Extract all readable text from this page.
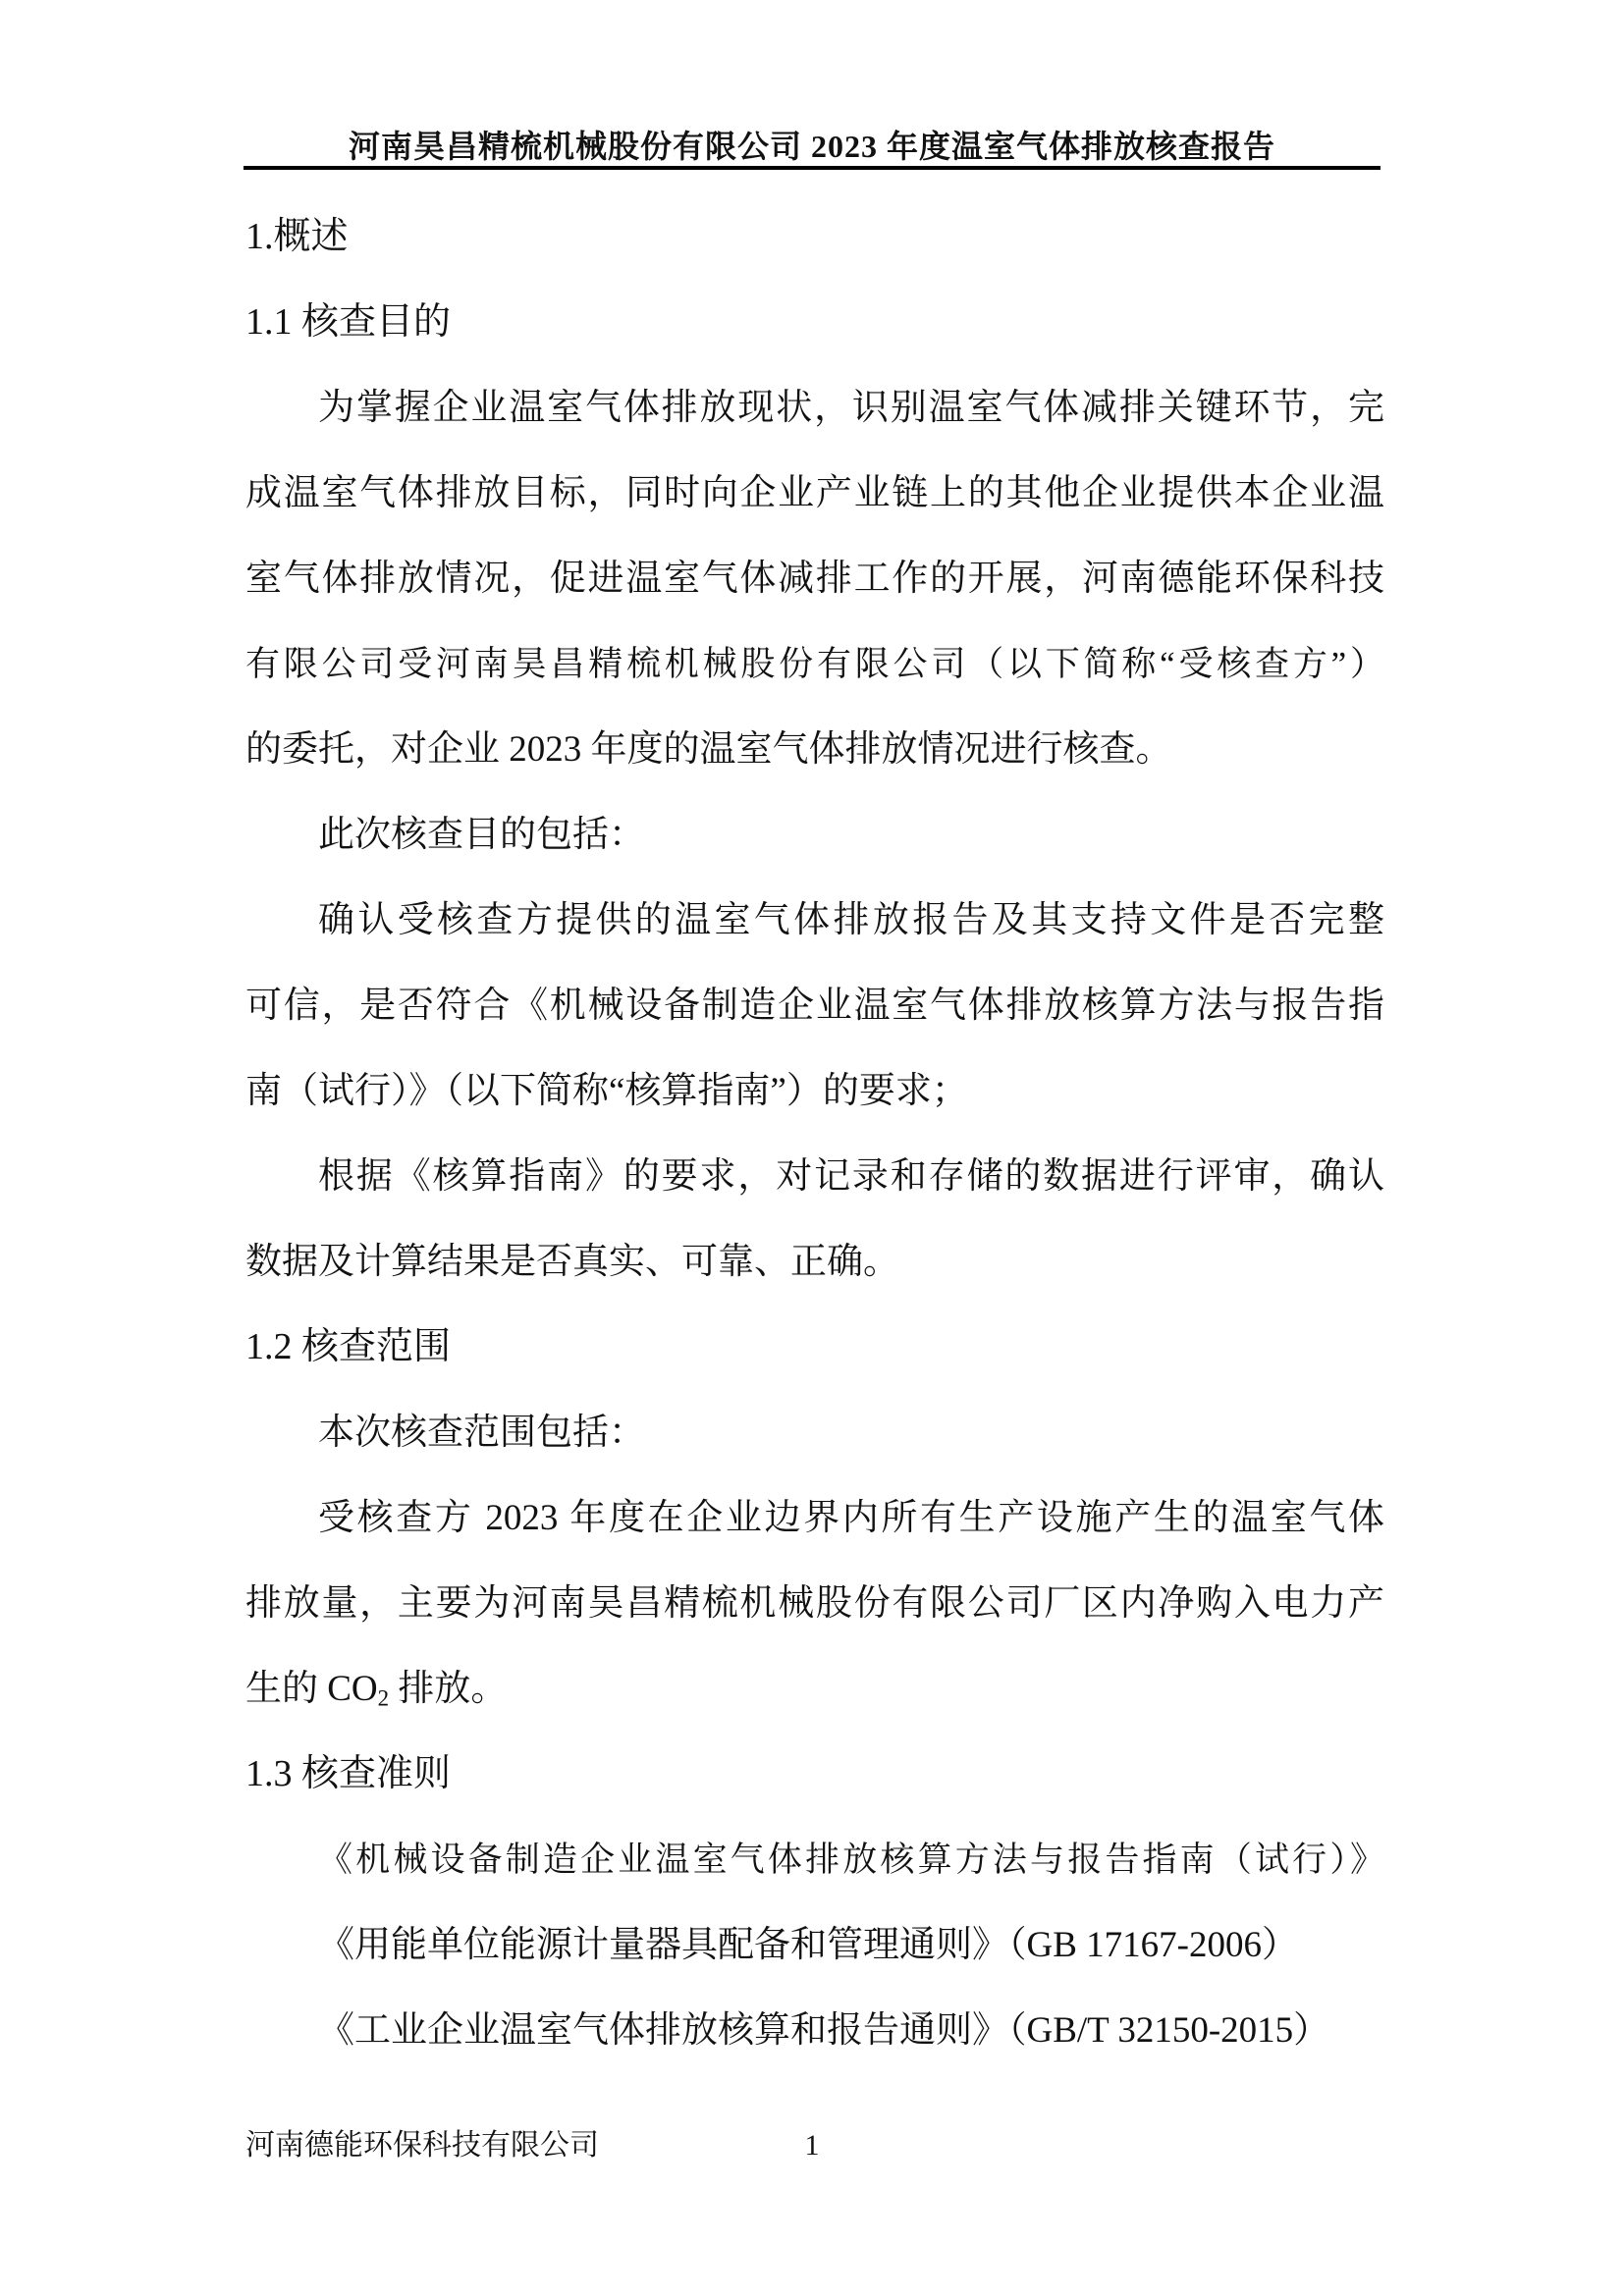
河南昊昌精梳机械股份有限公司 2023 年度温室气体排放核查报告
1.概述
1.1 核查目的
为掌握企业温室气体排放现状，识别温室气体减排关键环节，完
成温室气体排放目标，同时向企业产业链上的其他企业提供本企业温
室气体排放情况，促进温室气体减排工作的开展，河南德能环保科技
有限公司受河南昊昌精梳机械股份有限公司（以下简称“受核查方”）
的委托，对企业 2023 年度的温室气体排放情况进行核查。
此次核查目的包括：
确认受核查方提供的温室气体排放报告及其支持文件是否完整
可信，是否符合《机械设备制造企业温室气体排放核算方法与报告指
南（试行）》（以下简称“核算指南”）的要求；
根据《核算指南》的要求，对记录和存储的数据进行评审，确认
数据及计算结果是否真实、可靠、正确。
1.2 核查范围
本次核查范围包括：
受核查方 2023 年度在企业边界内所有生产设施产生的温室气体
排放量，主要为河南昊昌精梳机械股份有限公司厂区内净购入电力产
生的 $CO_2$ 排放。
1.3 核查准则
《机械设备制造企业温室气体排放核算方法与报告指南（试行）》
《用能单位能源计量器具配备和管理通则》（GB 17167-2006）
《工业企业温室气体排放核算和报告通则》（GB/T 32150-2015）
河南德能环保科技有限公司	1
